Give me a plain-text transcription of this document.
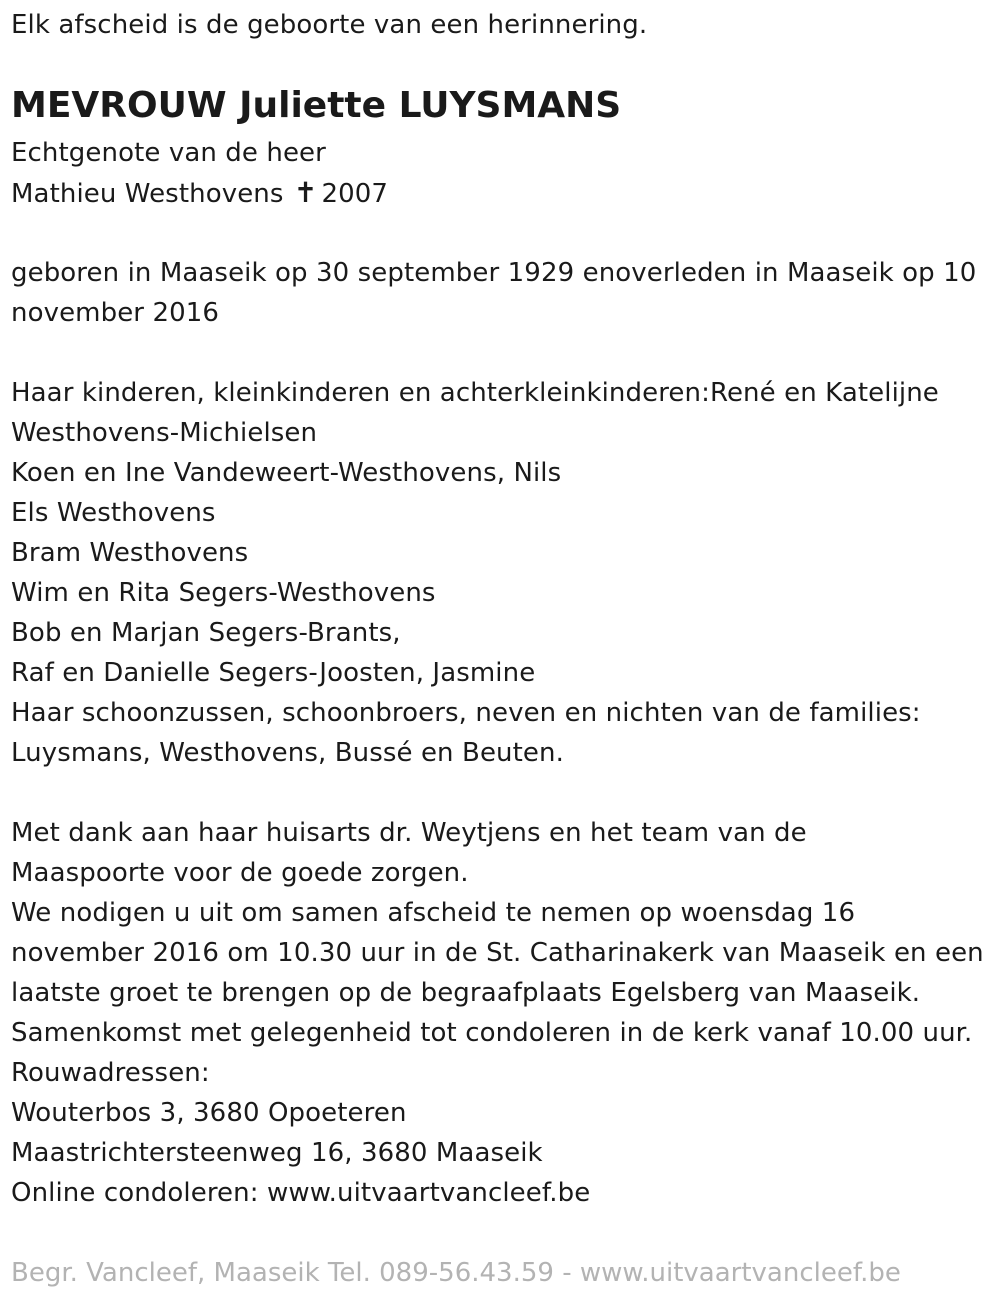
Elk afscheid is de geboorte van een herinnering.
MEVROUW Juliette LUYSMANS
Echtgenote van de heer
Mathieu Westhovens ✝ 2007
geboren in Maaseik op 30 september 1929 enoverleden in Maaseik op 10 november 2016
Haar kinderen, kleinkinderen en achterkleinkinderen:René en Katelijne
Westhovens-Michielsen
Koen en Ine Vandeweert-Westhovens, Nils
Els Westhovens
Bram Westhovens
Wim en Rita Segers-Westhovens
Bob en Marjan Segers-Brants,
Raf en Danielle Segers-Joosten, Jasmine
Haar schoonzussen, schoonbroers, neven en nichten van de families:
Luysmans, Westhovens, Bussé en Beuten.
Met dank aan haar huisarts dr. Weytjens en het team van de
Maaspoorte voor de goede zorgen.
We nodigen u uit om samen afscheid te nemen op woensdag 16
november 2016 om 10.30 uur in de St. Catharinakerk van Maaseik en een
laatste groet te brengen op de begraafplaats Egelsberg van Maaseik.
Samenkomst met gelegenheid tot condoleren in de kerk vanaf 10.00 uur.
Rouwadressen:
Wouterbos 3, 3680 Opoeteren
Maastrichtersteenweg 16, 3680 Maaseik
Online condoleren: www.uitvaartvancleef.be
Begr. Vancleef, Maaseik Tel. 089-56.43.59 - www.uitvaartvancleef.be
